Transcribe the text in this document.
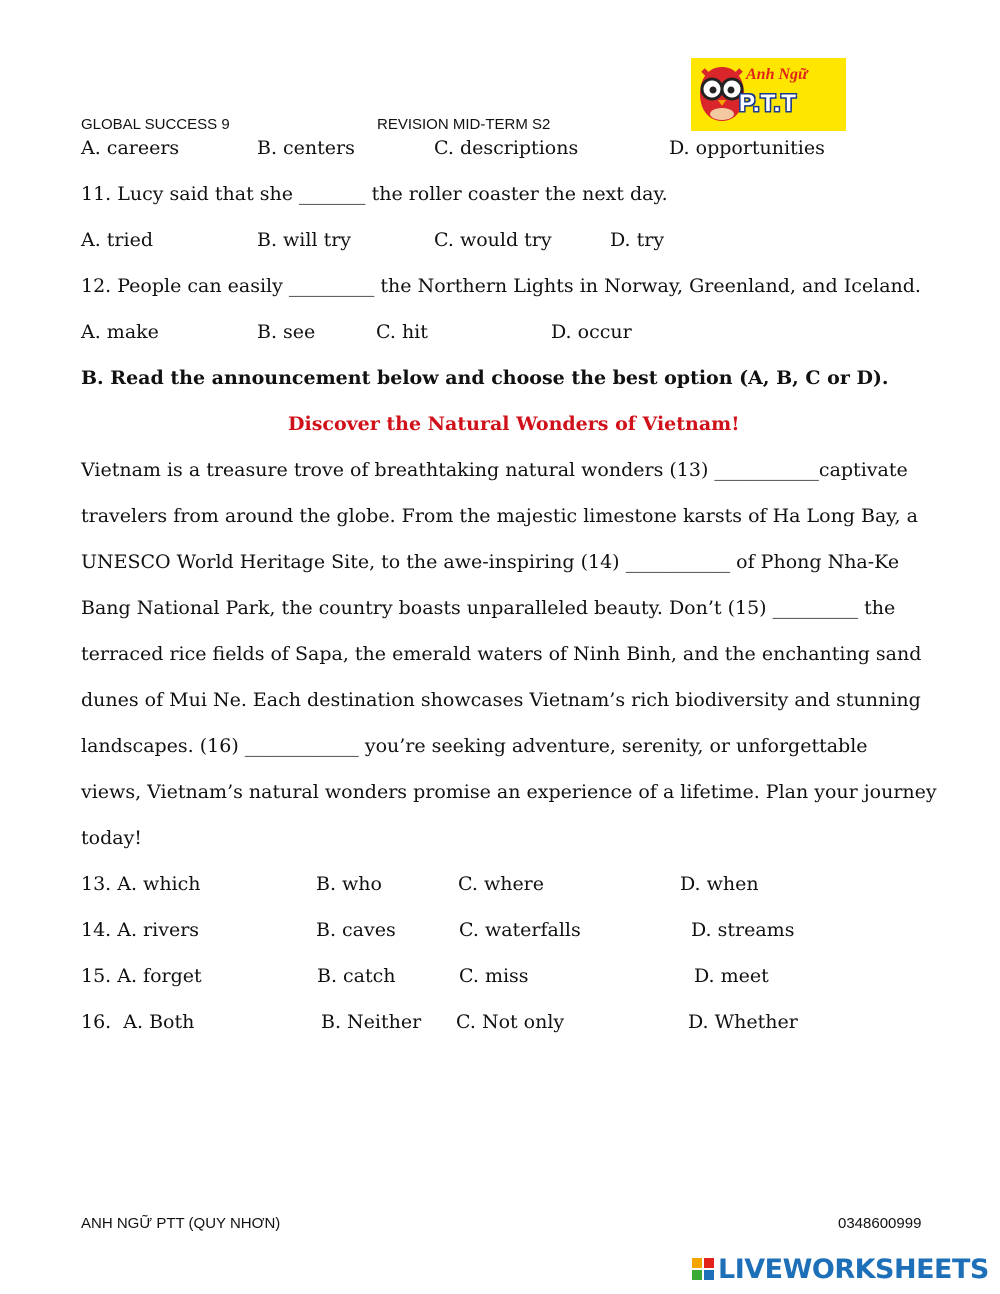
GLOBAL SUCCESS 9	REVISION MID-TERM S2
Anh Ngữ
P.T.T
A. careers	B. centers	C. descriptions	D. opportunities
11. Lucy said that she _______ the roller coaster the next day.
A. tried	B. will try	C. would try	D. try
12. People can easily _________ the Northern Lights in Norway, Greenland, and Iceland.
A. make	B. see	C. hit	D. occur
B. Read the announcement below and choose the best option (A, B, C or D).
Discover the Natural Wonders of Vietnam!
Vietnam is a treasure trove of breathtaking natural wonders (13) ___________captivate
travelers from around the globe. From the majestic limestone karsts of Ha Long Bay, a
UNESCO World Heritage Site, to the awe-inspiring (14) ___________ of Phong Nha-Ke
Bang National Park, the country boasts unparalleled beauty. Don’t (15) _________ the
terraced rice fields of Sapa, the emerald waters of Ninh Binh, and the enchanting sand
dunes of Mui Ne. Each destination showcases Vietnam’s rich biodiversity and stunning
landscapes. (16) ____________ you’re seeking adventure, serenity, or unforgettable
views, Vietnam’s natural wonders promise an experience of a lifetime. Plan your journey
today!
13. A. which	B. who	C. where	D. when
14. A. rivers	B. caves	C. waterfalls	D. streams
15. A. forget	B. catch	C. miss	D. meet
16.  A. Both	B. Neither C. Not only	D. Whether
ANH NGỮ PTT (QUY NHƠN)	0348600999
LIVEWORKSHEETS
